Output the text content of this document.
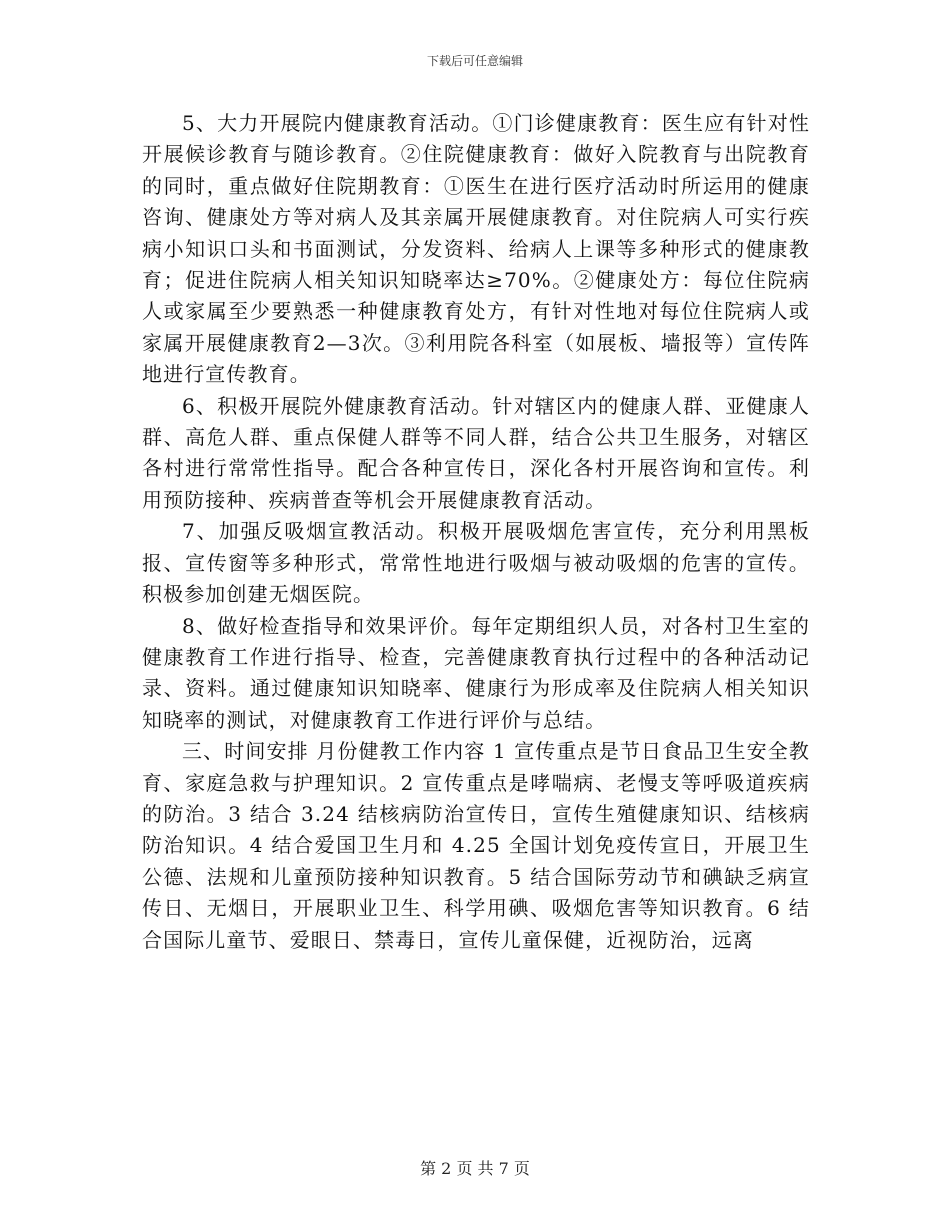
下载后可任意编辑

5、大力开展院内健康教育活动。①门诊健康教育：医生应有针对性开展候诊教育与随诊教育。②住院健康教育：做好入院教育与出院教育的同时，重点做好住院期教育：①医生在进行医疗活动时所运用的健康咨询、健康处方等对病人及其亲属开展健康教育。对住院病人可实行疾病小知识口头和书面测试，分发资料、给病人上课等多种形式的健康教育；促进住院病人相关知识知晓率达≥70%。②健康处方：每位住院病人或家属至少要熟悉一种健康教育处方，有针对性地对每位住院病人或家属开展健康教育2—3次。③利用院各科室（如展板、墙报等）宣传阵地进行宣传教育。

6、积极开展院外健康教育活动。针对辖区内的健康人群、亚健康人群、高危人群、重点保健人群等不同人群，结合公共卫生服务，对辖区各村进行常常性指导。配合各种宣传日，深化各村开展咨询和宣传。利用预防接种、疾病普查等机会开展健康教育活动。

7、加强反吸烟宣教活动。积极开展吸烟危害宣传，充分利用黑板报、宣传窗等多种形式，常常性地进行吸烟与被动吸烟的危害的宣传。积极参加创建无烟医院。

8、做好检查指导和效果评价。每年定期组织人员，对各村卫生室的健康教育工作进行指导、检查，完善健康教育执行过程中的各种活动记录、资料。通过健康知识知晓率、健康行为形成率及住院病人相关知识知晓率的测试，对健康教育工作进行评价与总结。

三、时间安排 月份健教工作内容 1 宣传重点是节日食品卫生安全教育、家庭急救与护理知识。2 宣传重点是哮喘病、老慢支等呼吸道疾病的防治。3 结合 3.24 结核病防治宣传日，宣传生殖健康知识、结核病防治知识。4 结合爱国卫生月和 4.25 全国计划免疫传宣日，开展卫生公德、法规和儿童预防接种知识教育。5 结合国际劳动节和碘缺乏病宣传日、无烟日，开展职业卫生、科学用碘、吸烟危害等知识教育。6 结合国际儿童节、爱眼日、禁毒日，宣传儿童保健，近视防治，远离

第 2 页 共 7 页
